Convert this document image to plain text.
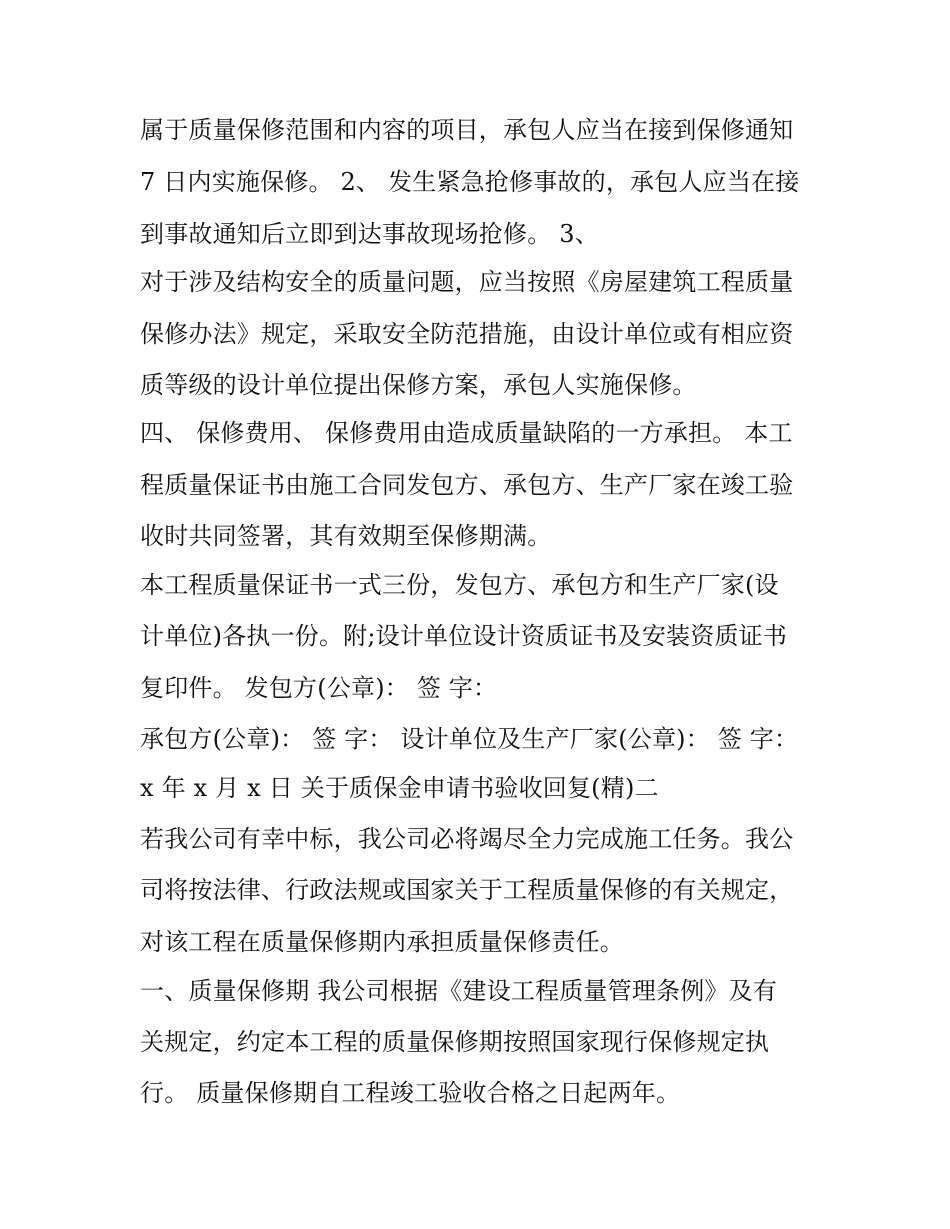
属于质量保修范围和内容的项目，承包人应当在接到保修通知
7 日内实施保修。 2、 发生紧急抢修事故的，承包人应当在接
到事故通知后立即到达事故现场抢修。 3、
对于涉及结构安全的质量问题，应当按照《房屋建筑工程质量
保修办法》规定，采取安全防范措施，由设计单位或有相应资
质等级的设计单位提出保修方案，承包人实施保修。
四、 保修费用、 保修费用由造成质量缺陷的一方承担。 本工
程质量保证书由施工合同发包方、承包方、生产厂家在竣工验
收时共同签署，其有效期至保修期满。
本工程质量保证书一式三份，发包方、承包方和生产厂家(设
计单位)各执一份。附;设计单位设计资质证书及安装资质证书
复印件。 发包方(公章)： 签 字：
承包方(公章)： 签 字： 设计单位及生产厂家(公章)： 签 字：
x 年 x 月 x 日 关于质保金申请书验收回复(精)二
若我公司有幸中标，我公司必将竭尽全力完成施工任务。我公
司将按法律、行政法规或国家关于工程质量保修的有关规定，
对该工程在质量保修期内承担质量保修责任。
一、质量保修期 我公司根据《建设工程质量管理条例》及有
关规定，约定本工程的质量保修期按照国家现行保修规定执
行。 质量保修期自工程竣工验收合格之日起两年。
